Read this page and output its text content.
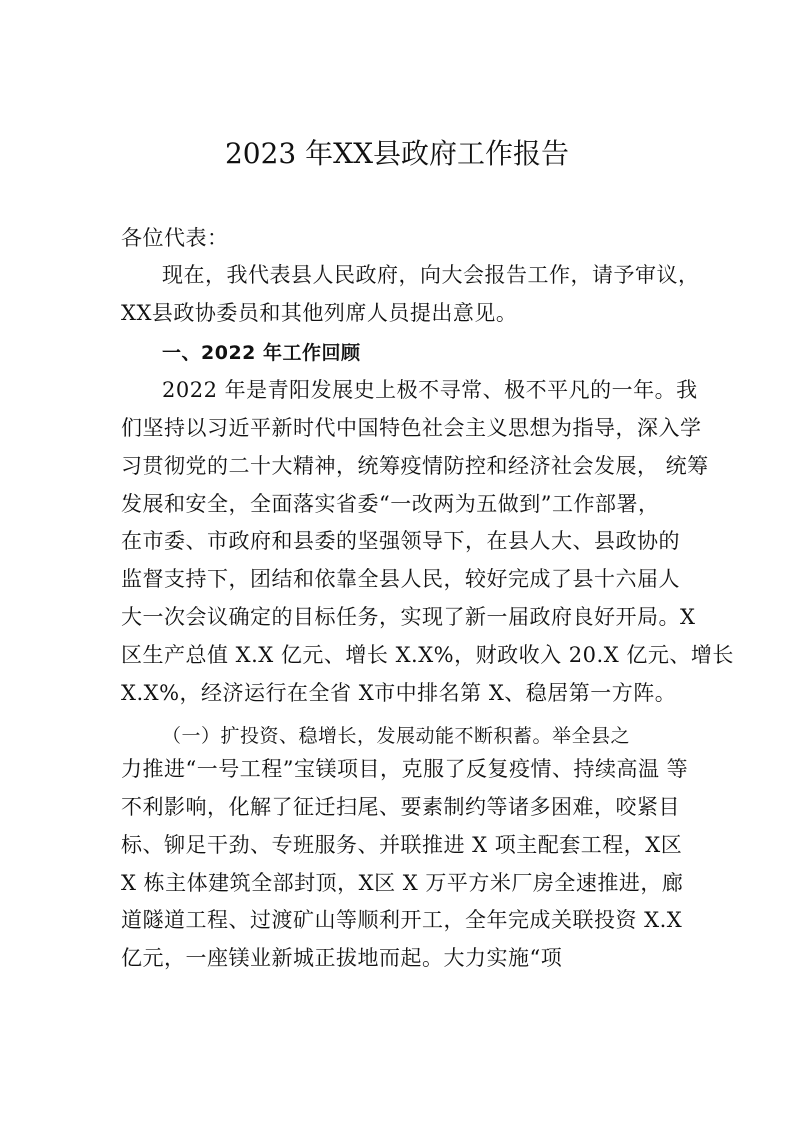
2023 年XX县政府工作报告
各位代表：
现在，我代表县人民政府，向大会报告工作，请予审议，
XX县政协委员和其他列席人员提出意见。
一、2022 年工作回顾
2022 年是青阳发展史上极不寻常、极不平凡的一年。我
们坚持以习近平新时代中国特色社会主义思想为指导，深入学
习贯彻党的二十大精神，统筹疫情防控和经济社会发展， 统筹
发展和安全，全面落实省委“一改两为五做到”工作部署，
在市委、市政府和县委的坚强领导下，在县人大、县政协的
监督支持下，团结和依靠全县人民，较好完成了县十六届人
大一次会议确定的目标任务，实现了新一届政府良好开局。X
区生产总值 X.X 亿元、增长 X.X%，财政收入 20.X 亿元、增长
X.X%，经济运行在全省 X市中排名第 X、稳居第一方阵。
（一）扩投资、稳增长，发展动能不断积蓄。举全县之
力推进“一号工程”宝镁项目，克服了反复疫情、持续高温 等
不利影响，化解了征迁扫尾、要素制约等诸多困难，咬紧目
标、铆足干劲、专班服务、并联推进 X 项主配套工程，X区
X 栋主体建筑全部封顶，X区 X 万平方米厂房全速推进，廊
道隧道工程、过渡矿山等顺利开工，全年完成关联投资 X.X
亿元，一座镁业新城正拔地而起。大力实施“项
